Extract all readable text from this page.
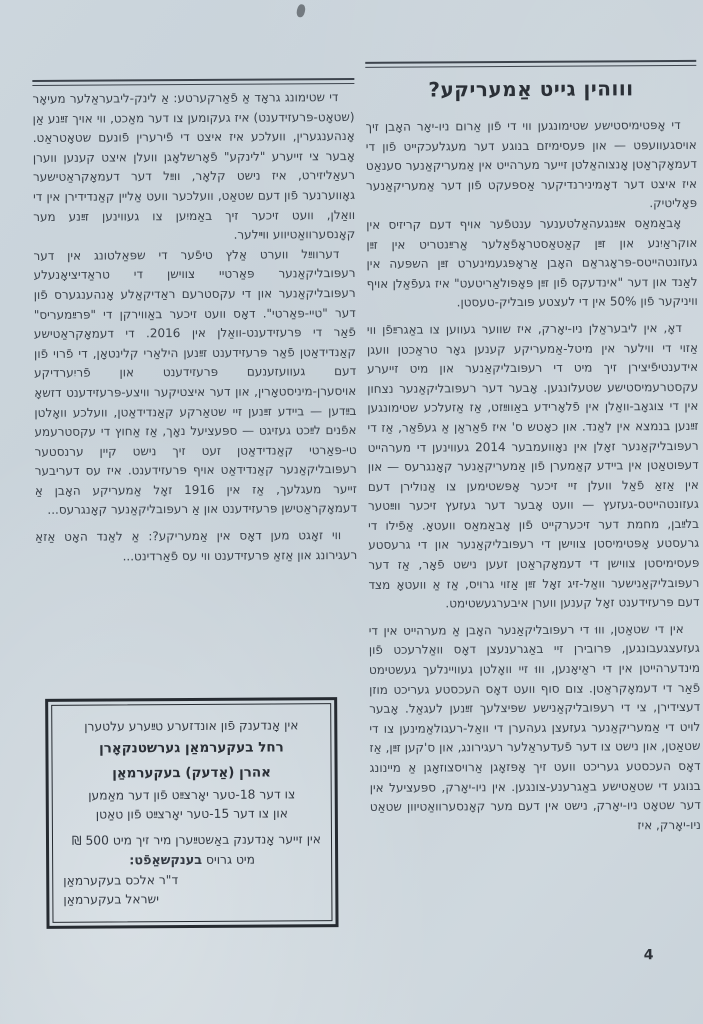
וווהין גייט אַמעריקע?

די אָפּטימיסטישע שטימונגען ווי די פֿון אַרום ניו-יאָר האָבן זיך אויסגעוועפּט — און פּעסימיזם בנוגע דער מעגלעכקייט פֿון די דעמאָקראַטן אָנצוהאַלטן זייער מערהייט אין אַמעריקאַנער סענאַט איז איצט דער דאָמינירנדיקער אַספּעקט פֿון דער אַמעריקאַנער פּאָליטיק.

אָבאַמאַס אײַנגעהאַלטענער ענטפֿער אויף דעם קריזיס אין אוקראַיִנע און זײַן קאַטאַסטראָפֿאַלער אַרײַנטריט אין זײַן געזונטהייטס-פּראָגראַם האָבן אַראָפּגעמינערט זײַן השפּעה אין לאַנד און דער "אינדעקס פֿון זײַן פּאָפּולאַריטעט" איז געפֿאַלן אויף וויניקער פֿון 50% אין די לעצטע פּובליק-טעסטן.

דאָ, אין ליבעראַלן ניו-יאָרק, איז שווער געווען צו באַגרײַפֿן ווי אַזוי די ווילער אין מיטל-אַמעריקע קענען גאָר טראַכטן וועגן אידענטיפֿיצירן זיך מיט די רעפּובליקאַנער און מיט זייערע עקסטרעמיסטישע שטעלונגען. אָבער דער רעפּובליקאַנער נצחון אין די צוגאָב-וואַלן אין פֿלאָרידע באַווײַזט, אַז אַזעלכע שטימונגען זײַנען בנמצא אין לאַנד. און כאָטש ס' איז פֿאַראַן אַ געפֿאַר, אַז די רעפּובליקאַנער זאָלן אין נאָוועמבער 2014 געווינען די מערהייט דעפּוטאַטן אין ביידע קאַמערן פֿון אַמעריקאַנער קאָנגרעס — און אין אַזאַ פֿאַל וועלן זיי זיכער אָפּשטימען צו אַנולירן דעם געזונטהייטס-געזעץ — וועט אָבער דער געזעץ זיכער ווײַטער בלײַבן, מחמת דער זיכערקייט פֿון אָבאַמאַס וועטאָ. אַפֿילו די גרעסטע אָפּטימיסטן צווישן די רעפּובליקאַנער און די גרעסטע פּעסימיסטן צווישן די דעמאָקראַטן זעען נישט פֿאָר, אַז דער רעפּובליקאַנישער וואַל-זיג זאָל זײַן אַזוי גרויס, אַז אַ וועטאָ מצד דעם פּרעזידענט זאָל קענען ווערן איבערגעשטימט.

אין די שטאַטן, וווּ די רעפּובליקאַנער האָבן אַ מערהייט אין די געזעצגעבונגען, פּרובירן זיי באַגרענעצן דאָס וואַלרעכט פֿון מינדערהייטן אין די ראַיאָנען, וווּ זיי וואָלטן געוויינלעך געשטימט פֿאַר די דעמאָקראַטן. צום סוף וועט דאָס העכסטע געריכט מוזן דעצידירן, צי די רעפּובליקאַנישע שפּיצלעך זײַנען לעגאַל. אָבער לויט די אַמעריקאַנער געזעצן געהערן די וואַל-רעגולאַמינען צו די שטאַטן, און נישט צו דער פֿעדעראַלער רעגירונג, און ס'קען זײַן, אַז דאָס העכסטע געריכט וועט זיך אָפּזאָגן אַרויסצוזאָגן אַ מיינונג בנוגע די שטאַטישע באַגרענע-צונגען. אין ניו-יאָרק, ספּעציעל אין דער שטאָט ניו-יאָרק, נישט אין דעם מער קאָנסערוואַטיוון שטאַט ניו-יאָרק, איז

די שטימונג גראָד אַ פֿאַרקערטע: אַ לינק-ליבעראַלער מעיאָר (שטאָט-פּרעזידענט) איז געקומען צו דער מאַכט, ווי אויך זײַנע אַן אָנהענגערין, וועלכע איז איצט די פֿירערין פֿונעם שטאָטראַט. אָבער צי זייערע "לינקע" פֿאָרשלאָגן וועלן איצט קענען ווערן רעאַליזירט, איז נישט קלאָר, ווײַל דער דעמאָקראַטישער גאָווערנער פֿון דעם שטאַט, וועלכער וועט אַליין קאַנדידירן אין די וואַלן, וועט זיכער זיך באַמיִען צו געווינען זײַנע מער קאָנסערוואַטיווע ווײלער.

דערווײַל ווערט אַלץ טיפֿער די שפּאַלטונג אין דער רעפּובליקאַנער פּאַרטיי צווישן די טראַדיציאָנעלע רעפּובליקאַנער און די עקסטרעם ראַדיקאַלע אָנהענגערס פֿון דער "טיי-פּאַרטי". דאָס וועט זיכער באַווירקן די "פּרײַמעריס" פֿאַר די פּרעזידענט-וואַלן אין 2016. די דעמאָקראַטישע קאַנדידאַטן פֿאַר פּרעזידענט זײַנען הילאַרי קלינטאָן, די פֿרוי פֿון דעם געוועזענעם פּרעזידענט און פֿריִערדיקע אויסערן-מיניסטאָרין, און דער איצטיקער וויצע-פּרעזידענט דזשאָ בײַדען — ביידע זײַנען זיי שטאַרקע קאַנדידאַטן, וועלכע וואָלטן אפֿנים לײַכט געזיגט — ספּעציעל נאָך, אַז אַחוץ די עקסטרעמע טי-פּאַרטי קאַנדידאַטן זעט זיך נישט קיין ערנסטער רעפּובליקאַנער קאַנדידאַט אויף פּרעזידענט. איז עס דעריבער זייער מעגלעך, אַז אין 1916 זאָל אַמעריקע האָבן אַ דעמאָקראַטישן פּרעזידענט און אַ רעפּובליקאַנער קאָנגרעס...

ווי זאָגט מען דאָס אין אַמעריקע?: אַ לאַנד האָט אַזאַ רעגירונג און אַזאַ פּרעזידענט ווי עס פֿאַרדינט...

אין אָנדענק פֿון אונדזערע טײַערע עלטערן
רחל בעקערמאַן גערשטנקאָרן
אהרן (אַדעק) בעקערמאַן
צו דער 18-טער יאָרצײַט פֿון דער מאַמען
און צו דער 15-טער יאָרצײַט פֿון טאַטן
אין זייער אָנדענק באַשטײַערן מיר זיך מיט 500 ₪
מיט גרויס בענקשאַפֿט:
ד"ר אלכס בעקערמאַן
ישראל בעקערמאַן
4
